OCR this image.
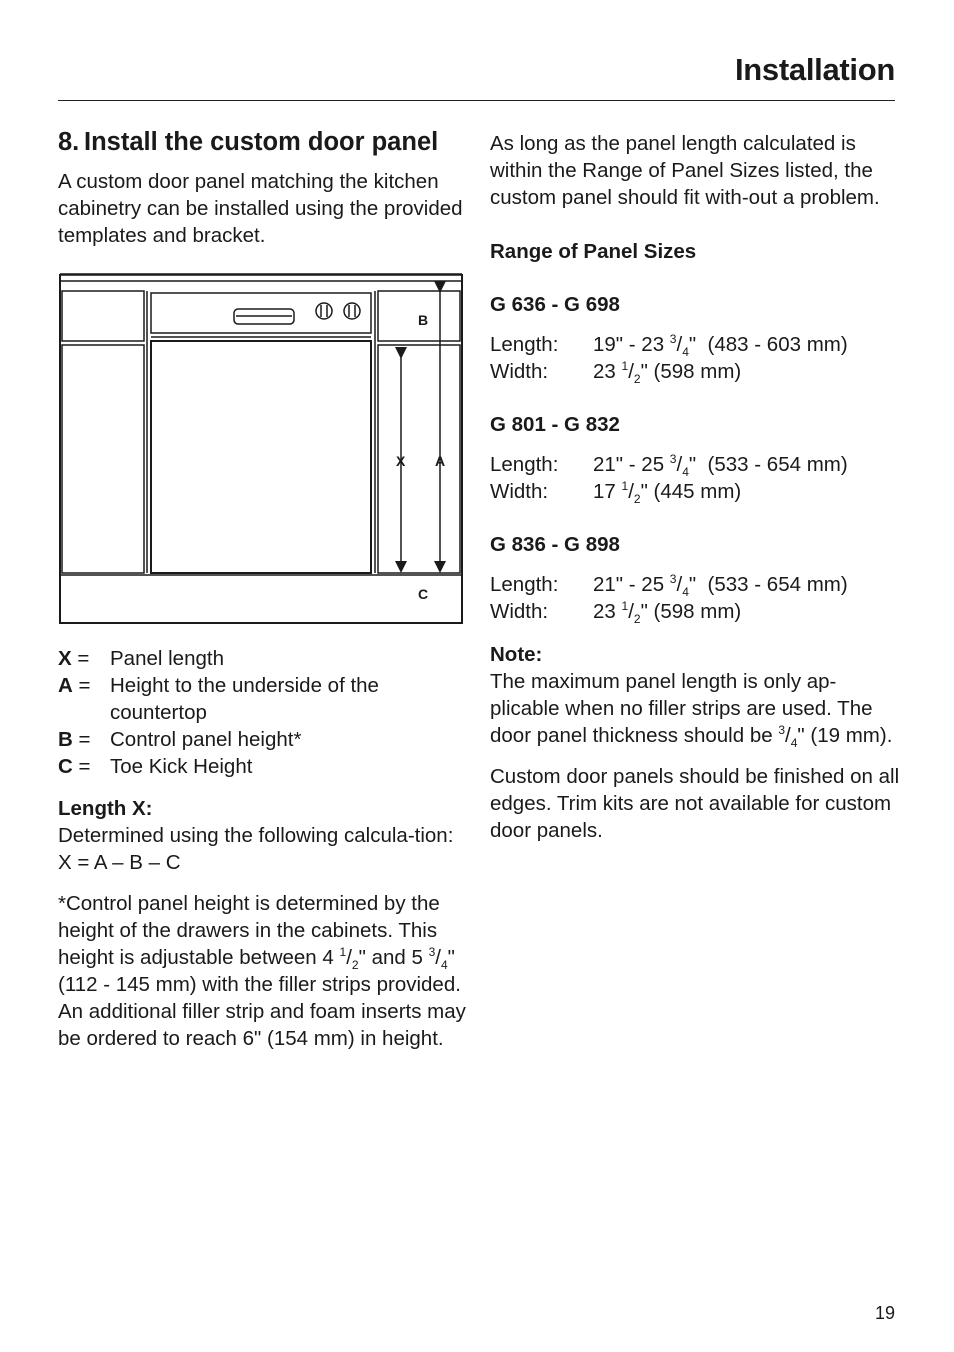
Installation
8. Install the custom door panel

A custom door panel matching the kitchen cabinetry can be installed using the provided templates and bracket.

B
X A
C
X =	Panel length
A = Height to the underside of the countertop
B = Control panel height*
C = Toe Kick Height

Length X:

Determined using the following calcula-tion: X = A – B – C

*Control panel height is determined by the height of the drawers in the cabinets. This height is adjustable between 4 $^1/_2$" and 5 $^3/_4$" (112 - 145 mm) with the filler strips provided. An additional filler strip and foam inserts may be ordered to reach 6" (154 mm) in height.

As long as the panel length calculated is within the Range of Panel Sizes listed, the custom panel should fit with-out a problem.

Range of Panel Sizes

G 636 - G 698

Length:	19" - 23 $^3/_4$"  (483 - 603 mm)
Width:	23 $^1/_2$" (598 mm)

G 801 - G 832

Length:	21" - 25 $^3/_4$"  (533 - 654 mm)
Width:	17 $^1/_2$" (445 mm)

G 836 - G 898

Length:	21" - 25 $^3/_4$"  (533 - 654 mm)
Width:	23 $^1/_2$" (598 mm)

Note:

The maximum panel length is only ap-plicable when no filler strips are used. The door panel thickness should be $^3/_4$" (19 mm).

Custom door panels should be finished on all edges. Trim kits are not available for custom door panels.

19
